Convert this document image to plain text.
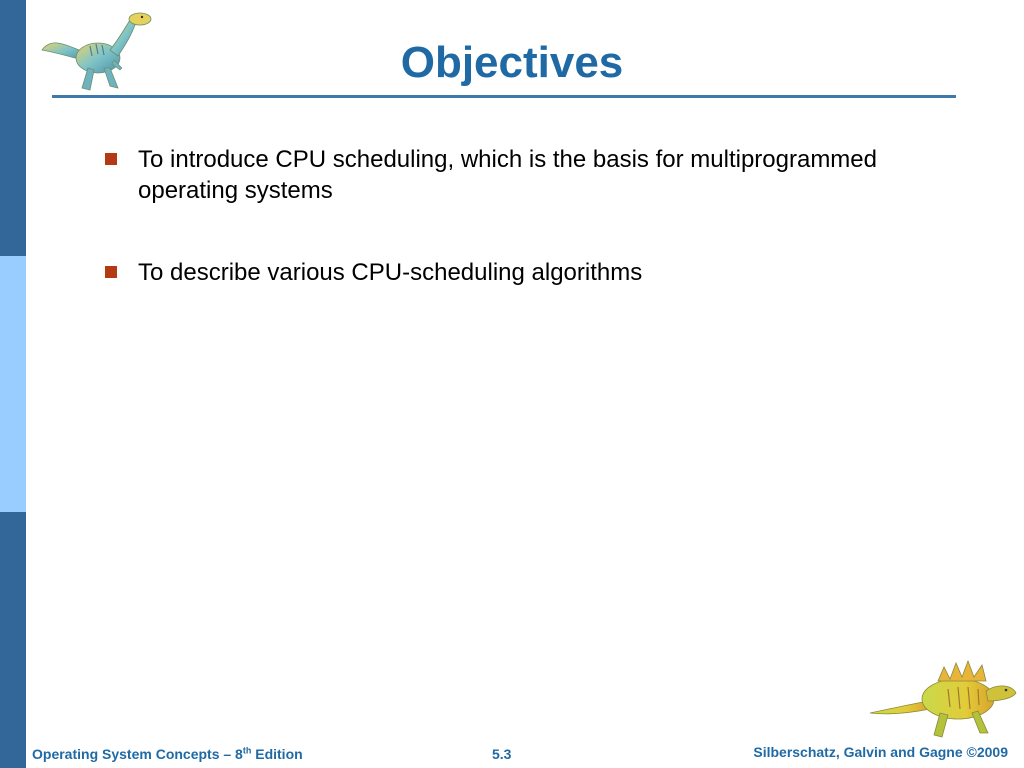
Objectives
To introduce CPU scheduling, which is the basis for multiprogrammed operating systems
To describe various CPU-scheduling algorithms
Operating System Concepts – 8th Edition	5.3	Silberschatz, Galvin and Gagne ©2009
